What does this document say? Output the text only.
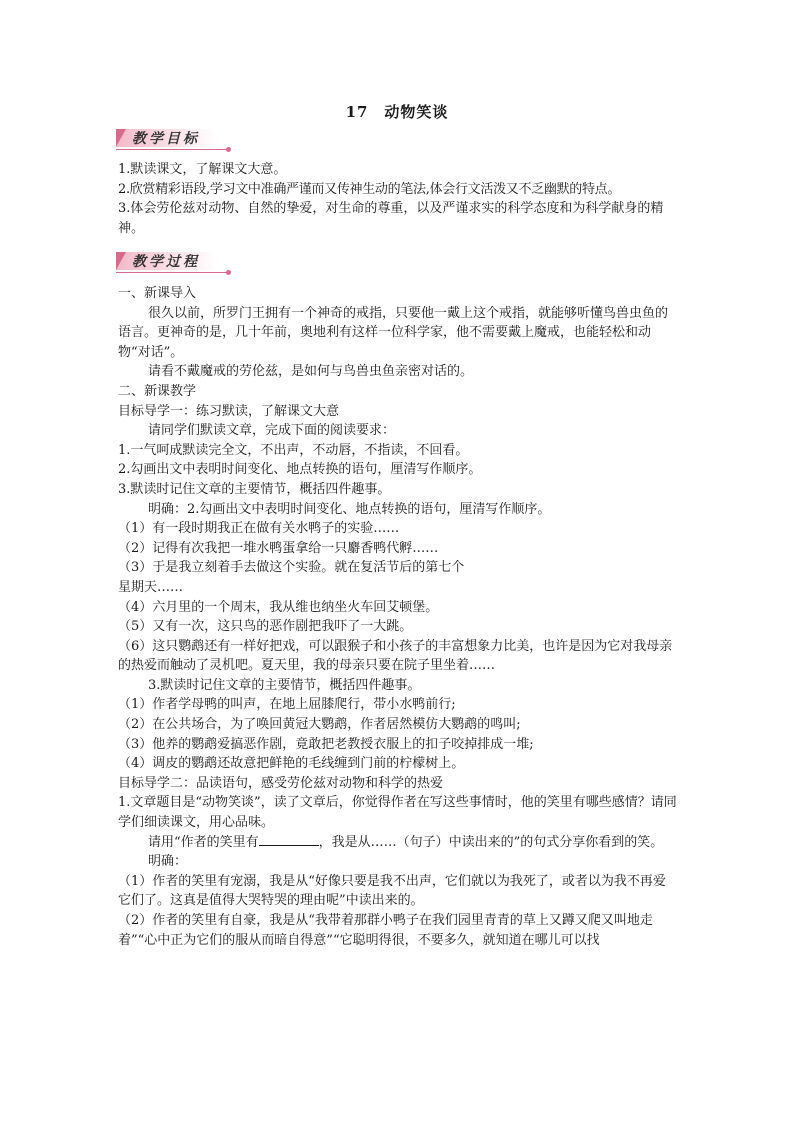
17　动物笑谈
教学目标

1.默读课文，了解课文大意。

2.欣赏精彩语段,学习文中准确严谨而又传神生动的笔法,体会行文活泼又不乏幽默的特点。

3.体会劳伦兹对动物、自然的挚爱，对生命的尊重，以及严谨求实的科学态度和为科学献身的精神。

教学过程

一、新课导入

很久以前，所罗门王拥有一个神奇的戒指，只要他一戴上这个戒指，就能够听懂鸟兽虫鱼的语言。更神奇的是，几十年前，奥地利有这样一位科学家，他不需要戴上魔戒，也能轻松和动物“对话”。

请看不戴魔戒的劳伦兹，是如何与鸟兽虫鱼亲密对话的。

二、新课教学

目标导学一：练习默读，了解课文大意

请同学们默读文章，完成下面的阅读要求：

1.一气呵成默读完全文，不出声，不动唇，不指读，不回看。

2.勾画出文中表明时间变化、地点转换的语句，厘清写作顺序。

3.默读时记住文章的主要情节，概括四件趣事。

明确：2.勾画出文中表明时间变化、地点转换的语句，厘清写作顺序。

（1）有一段时期我正在做有关水鸭子的实验……

（2）记得有次我把一堆水鸭蛋拿给一只麝香鸭代孵……

（3）于是我立刻着手去做这个实验。就在复活节后的第七个

星期天……

（4）六月里的一个周末，我从维也纳坐火车回艾顿堡。

（5）又有一次，这只鸟的恶作剧把我吓了一大跳。

（6）这只鹦鹉还有一样好把戏，可以跟猴子和小孩子的丰富想象力比美，也许是因为它对我母亲的热爱而触动了灵机吧。夏天里，我的母亲只要在院子里坐着……

3.默读时记住文章的主要情节，概括四件趣事。

（1）作者学母鸭的叫声，在地上屈膝爬行，带小水鸭前行;

（2）在公共场合，为了唤回黄冠大鹦鹉，作者居然模仿大鹦鹉的鸣叫;

（3）他养的鹦鹉爱搞恶作剧，竟敢把老教授衣服上的扣子咬掉排成一堆;

（4）调皮的鹦鹉还故意把鲜艳的毛线缠到门前的柠檬树上。

目标导学二：品读语句，感受劳伦兹对动物和科学的热爱

1.文章题目是“动物笑谈”，读了文章后，你觉得作者在写这些事情时，他的笑里有哪些感情？请同学们细读课文，用心品味。

请用“作者的笑里有	，我是从……（句子）中读出来的”的句式分享你看到的笑。

明确：

（1）作者的笑里有宠溺，我是从“好像只要是我不出声，它们就以为我死了，或者以为我不再爱它们了。这真是值得大哭特哭的理由呢”中读出来的。

（2）作者的笑里有自豪，我是从“我带着那群小鸭子在我们园里青青的草上又蹲又爬又叫地走着”“心中正为它们的服从而暗自得意”“它聪明得很，不要多久，就知道在哪儿可以找
